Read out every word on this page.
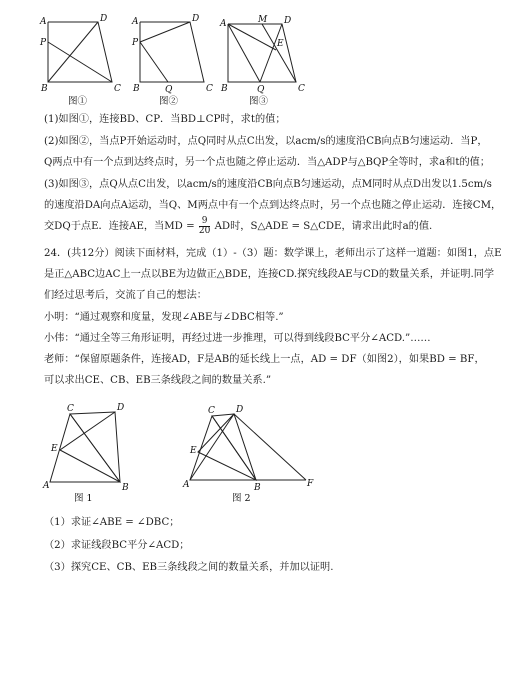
A	D
P
B	C
图①
A	D
P
B	Q	C
图②
A	M D
E
B	Q	C
图③
(1)如图①，连接BD、CP．当BD⊥CP时，求t的值；
(2)如图②，当点P开始运动时，点Q同时从点C出发，以acm/s的速度沿CB向点B匀速运动．当P，
Q两点中有一个点到达终点时，另一个点也随之停止运动．当△ADP与△BQP全等时，求a和t的值；
(3)如图③，点Q从点C出发，以acm/s的速度沿CB向点B匀速运动，点M同时从点D出发以1.5cm/s
的速度沿DA向点A运动，当Q、M两点中有一个点到达终点时，另一个点也随之停止运动．连接CM，
交DQ于点E．连接AE，当MD = $\frac{9}{20}$ AD时，S△ADE = S△CDE，请求出此时a的值.
24．(共12分）阅读下面材料，完成（1）-（3）题：数学课上，老师出示了这样一道题：如图1，点E
是正△ABC边AC上一点以BE为边做正△BDE，连接CD.探究线段AE与CD的数量关系，并证明.同学
们经过思考后，交流了自己的想法：
小明：“通过观察和度量，发现∠ABE与∠DBC相等.”
小伟：“通过全等三角形证明，再经过进一步推理，可以得到线段BC平分∠ACD.”……
老师：“保留原题条件，连接AD，F是AB的延长线上一点，AD = DF（如图2），如果BD = BF，
可以求出CE、CB、EB三条线段之间的数量关系.”
C	D
E
A	B
图 1
C D
E
A	B	F
图 2
（1）求证∠ABE = ∠DBC；
（2）求证线段BC平分∠ACD；
（3）探究CE、CB、EB三条线段之间的数量关系，并加以证明.
